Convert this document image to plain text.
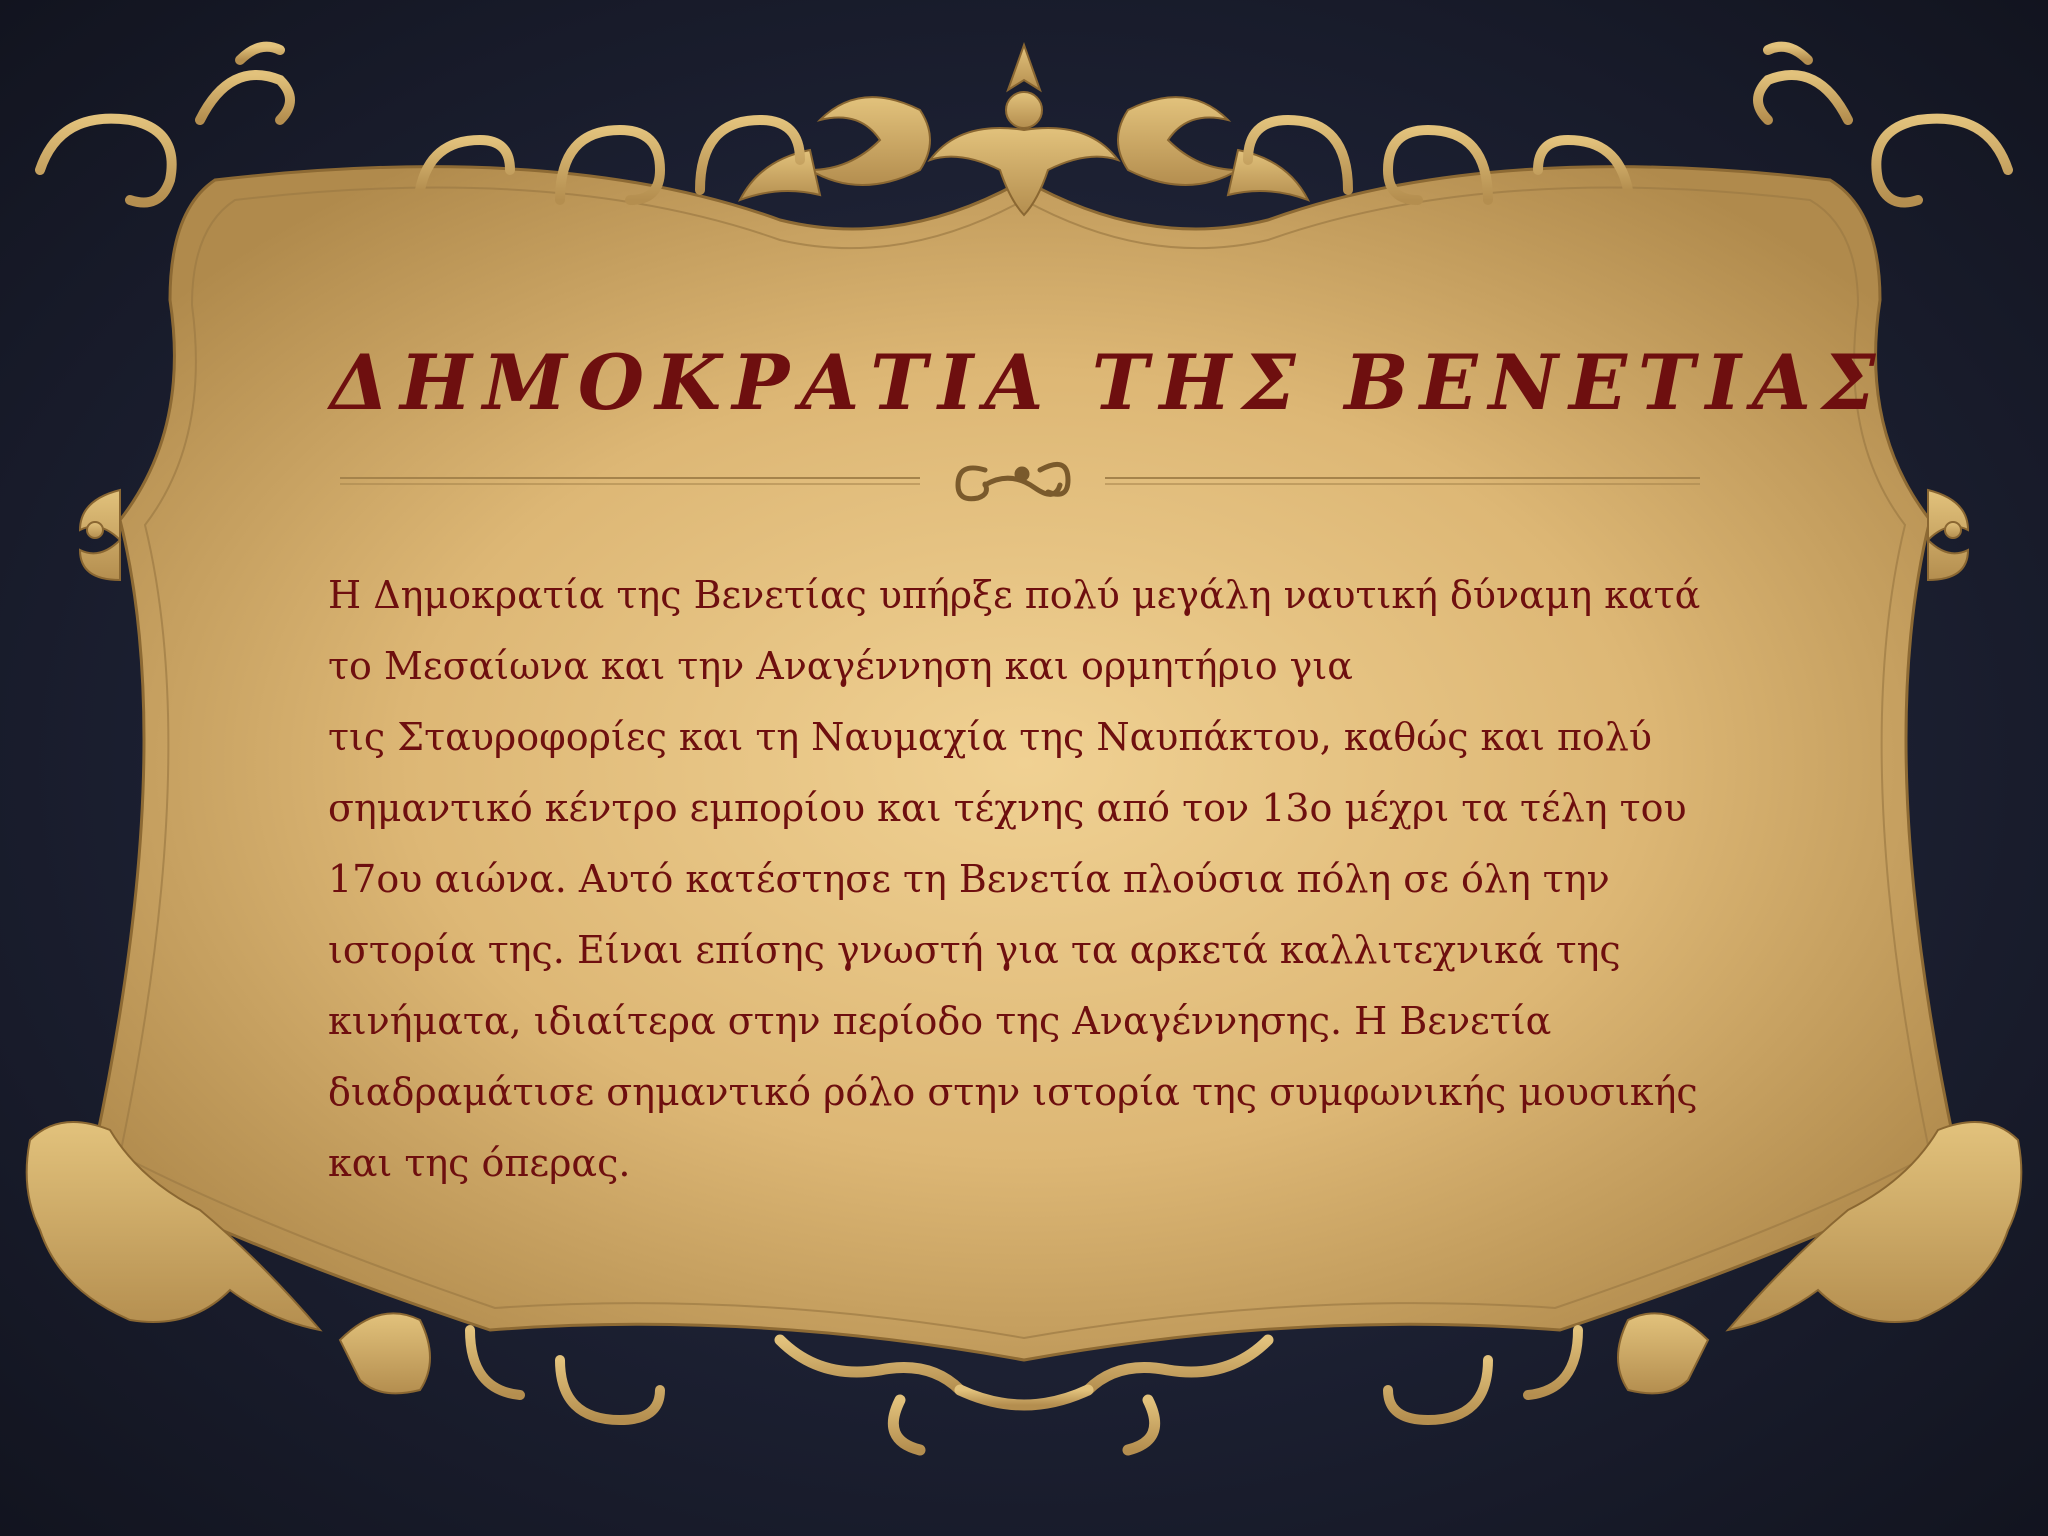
ΔΗΜΟΚΡΑΤΙΑ ΤΗΣ ΒΕΝΕΤΙΑΣ
Η Δημοκρατία της Βενετίας υπήρξε πολύ μεγάλη ναυτική δύναμη κατά
το Μεσαίωνα και την Αναγέννηση και ορμητήριο για
τις Σταυροφορίες και τη Ναυμαχία της Ναυπάκτου, καθώς και πολύ
σημαντικό κέντρο εμπορίου και τέχνης από τον 13ο μέχρι τα τέλη του
17ου αιώνα. Αυτό κατέστησε τη Βενετία πλούσια πόλη σε όλη την
ιστορία της. Είναι επίσης γνωστή για τα αρκετά καλλιτεχνικά της
κινήματα, ιδιαίτερα στην περίοδο της Αναγέννησης. Η Βενετία
διαδραμάτισε σημαντικό ρόλο στην ιστορία της συμφωνικής μουσικής
και της όπερας.
